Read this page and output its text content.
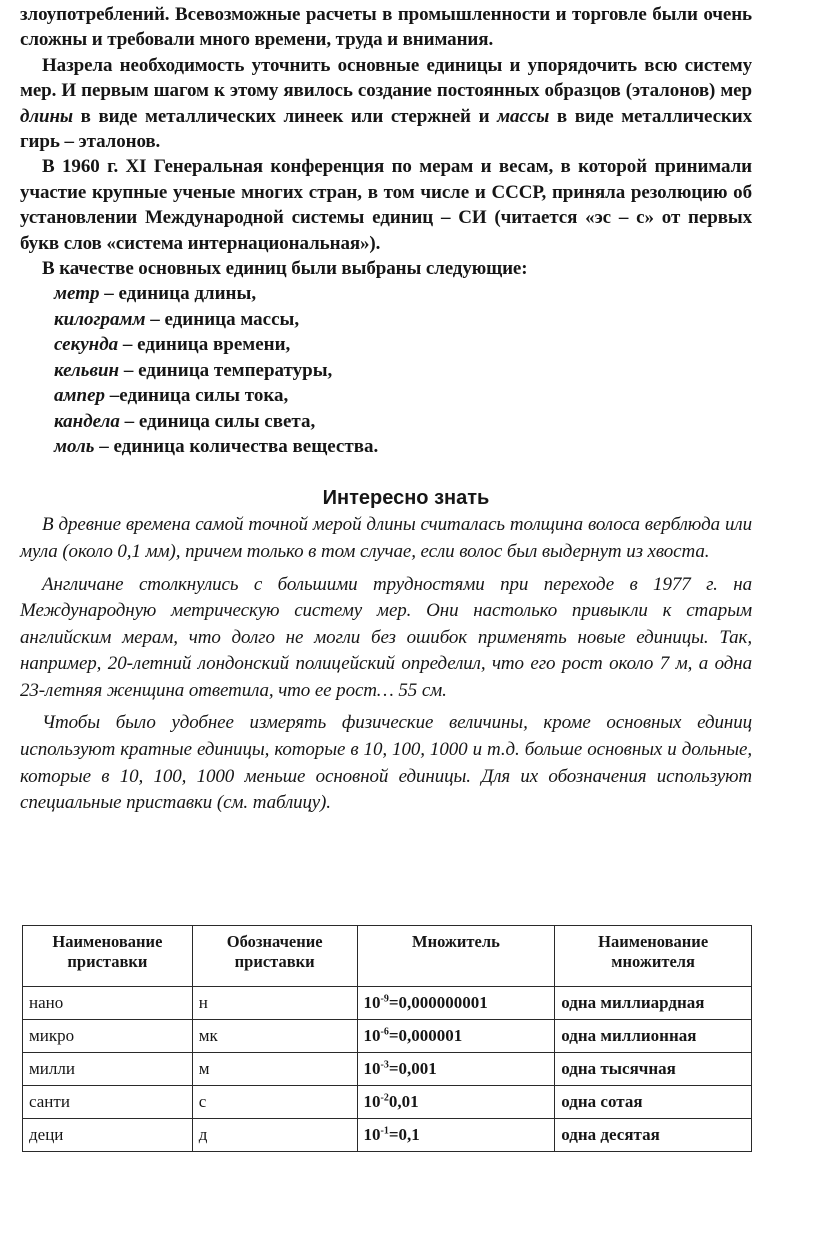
злоупотреблений. Всевозможные расчеты в промышленности и торговле были очень сложны и требовали много времени, труда и внимания.

Назрела необходимость уточнить основные единицы и упорядочить всю систему мер. И первым шагом к этому явилось создание постоянных образцов (эталонов) мер длины в виде металлических линеек или стержней и массы в виде металлических гирь – эталонов.

В 1960 г. XI Генеральная конференция по мерам и весам, в которой принимали участие крупные ученые многих стран, в том числе и СССР, приняла резолюцию об установлении Международной системы единиц – СИ (читается «эс – с» от первых букв слов «система интернациональная»).

В качестве основных единиц были выбраны следующие:

метр – единица длины,
килограмм – единица массы,
секунда – единица времени,
кельвин – единица температуры,
ампер –единица силы тока,
кандела – единица силы света,
моль – единица количества вещества.
Интересно знать

В древние времена самой точной мерой длины считалась толщина волоса верблюда или мула (около 0,1 мм), причем только в том случае, если волос был выдернут из хвоста.

Англичане столкнулись с большими трудностями при переходе в 1977 г. на Международную метрическую систему мер. Они настолько привыкли к старым английским мерам, что долго не могли без ошибок применять новые единицы. Так, например, 20-летний лондонский полицейский определил, что его рост около 7 м, а одна 23-летняя женщина ответила, что ее рост… 55 см.

Чтобы было удобнее измерять физические величины, кроме основных единиц используют кратные единицы, которые в 10, 100, 1000 и т.д. больше основных и дольные, которые в 10, 100, 1000 меньше основной единицы. Для их обозначения используют специальные приставки (см. таблицу).

Наименование приставки	Обозначение приставки	Множитель	Наименование множителя
нано	н	$10^{-9}=0,000000001$	одна миллиардная
микро	мк	$10^{-6}=0,000001$	одна миллионная
милли	м	$10^{-3}=0,001$	одна тысячная
санти	с	$10^{-2}0,01$	одна сотая
деци	д	$10^{-1}=0,1$	одна десятая
